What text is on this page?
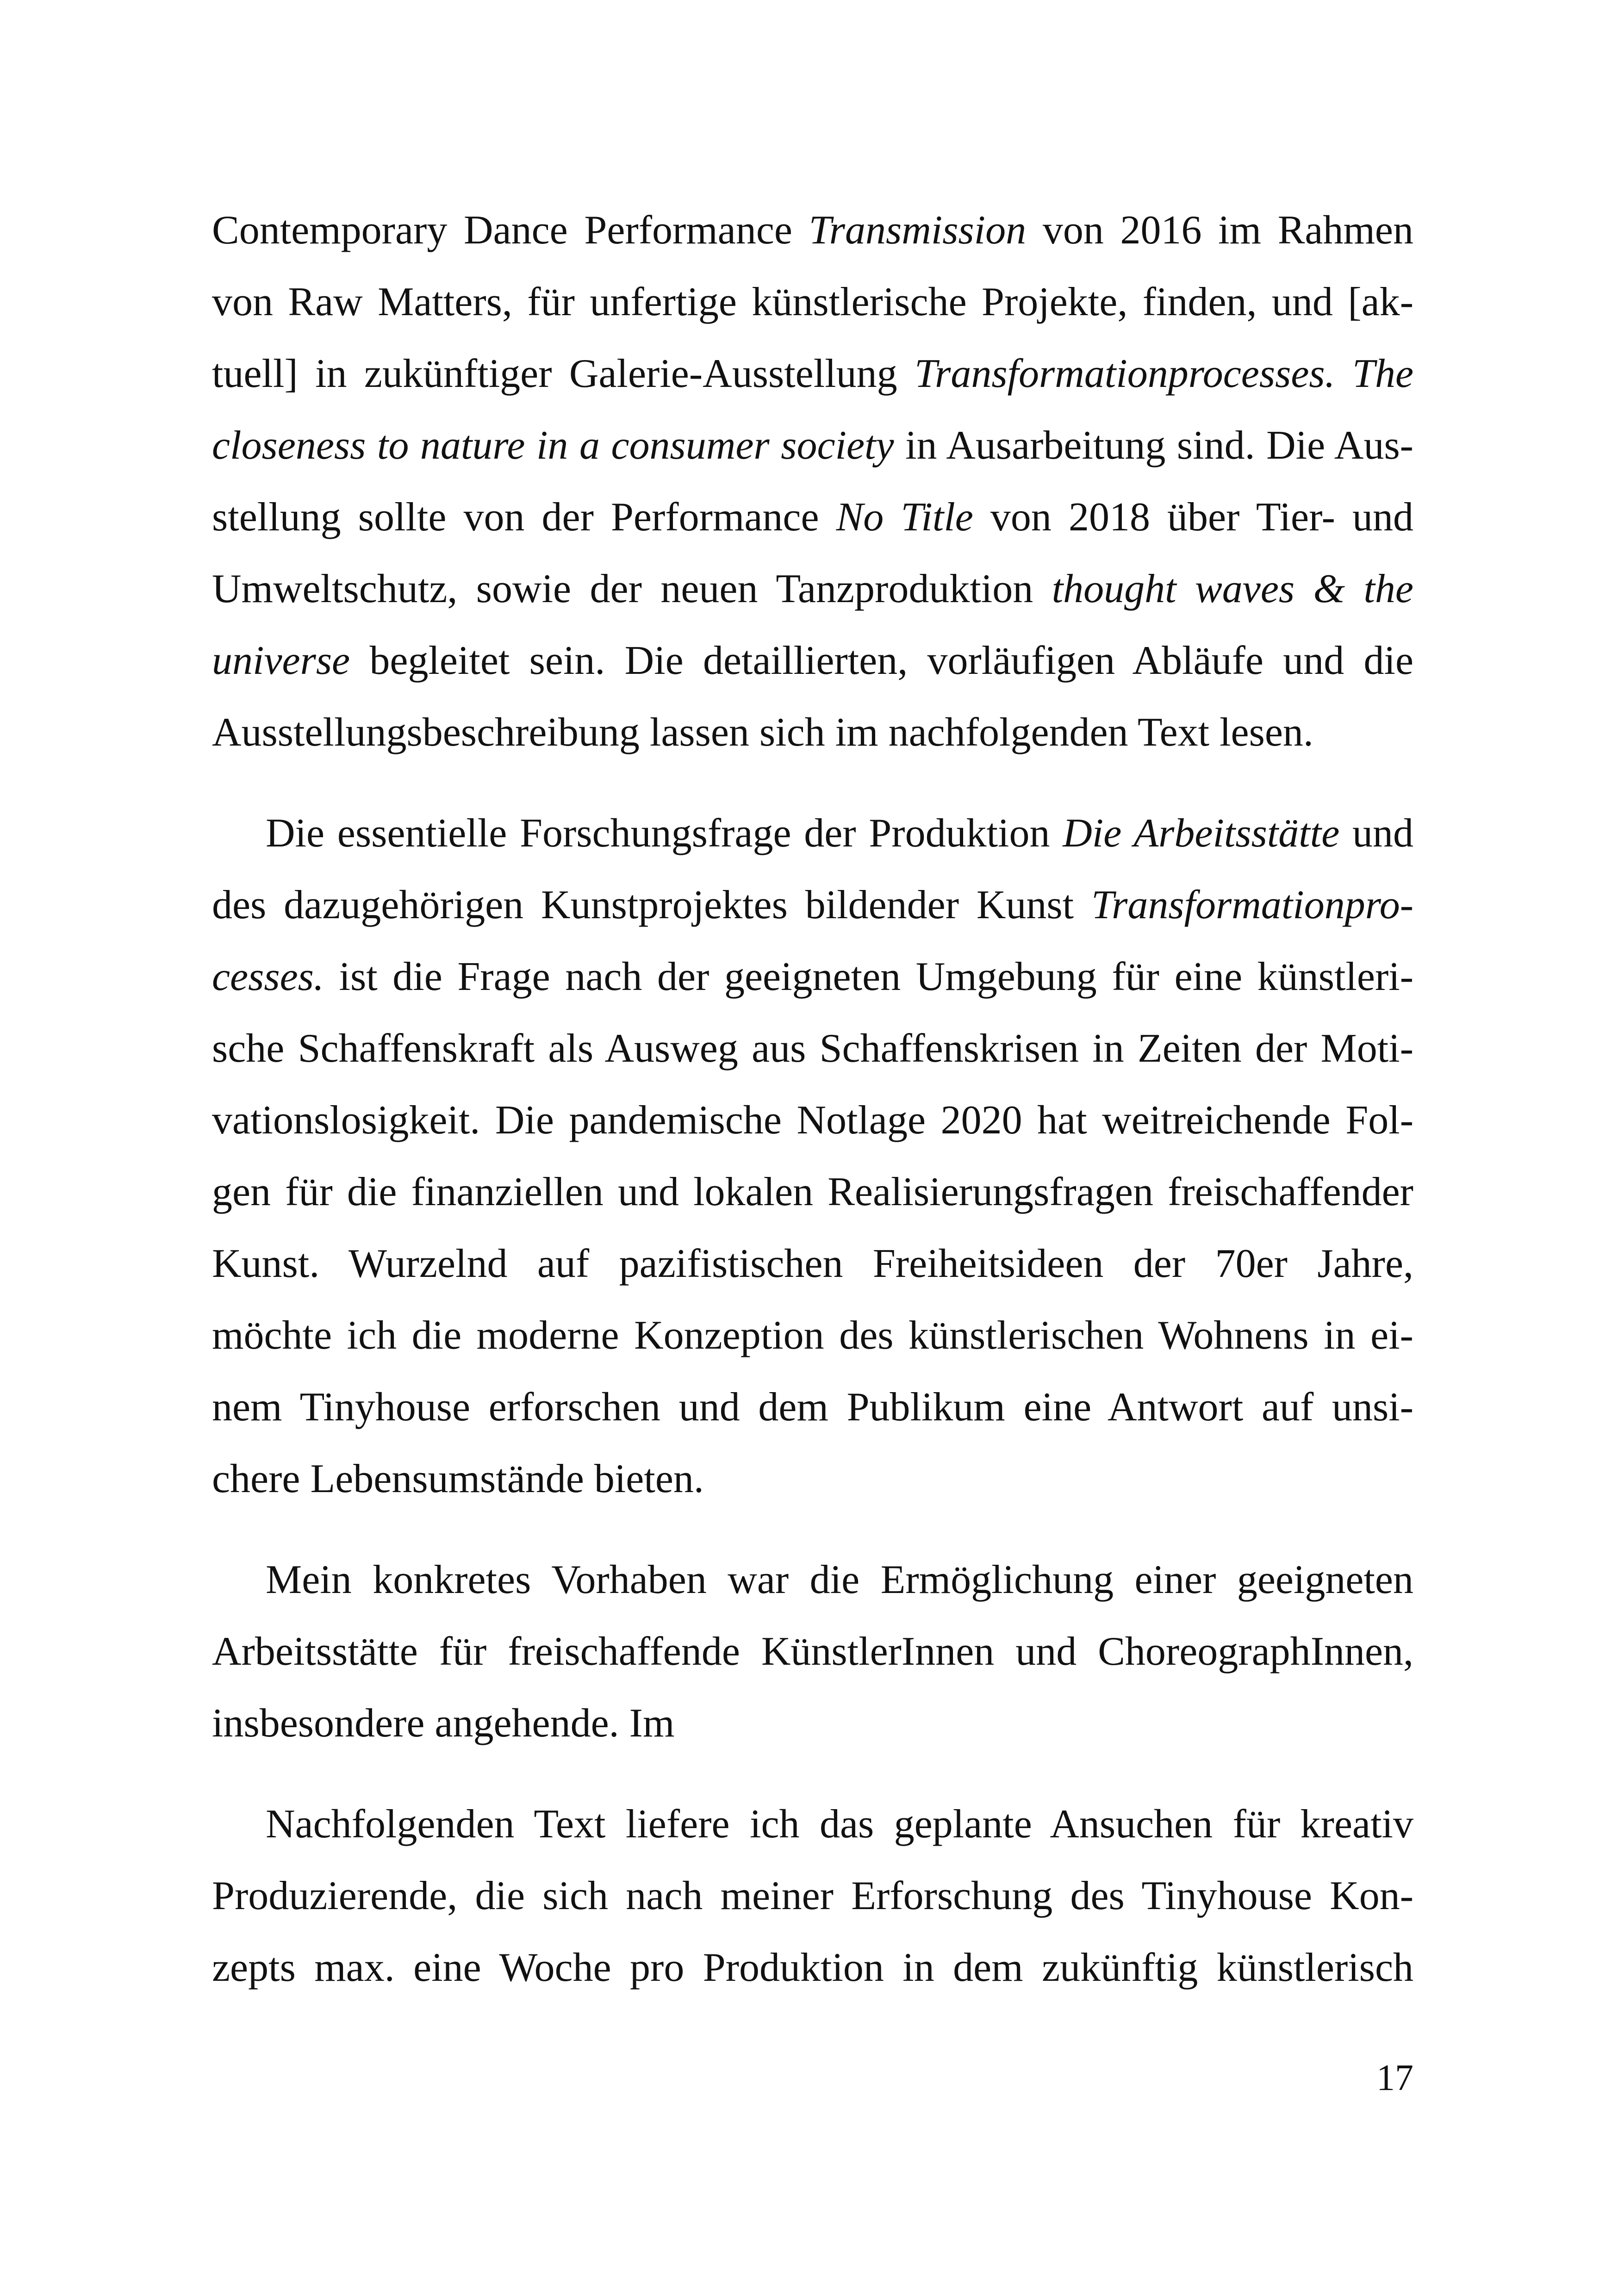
Contemporary Dance Performance Transmission von 2016 im Rahmen
von Raw Matters, für unfertige künstlerische Projekte, finden, und [ak-
tuell] in zukünftiger Galerie-Ausstellung Transformationprocesses. The
closeness to nature in a consumer society in Ausarbeitung sind. Die Aus-
stellung sollte von der Performance No Title von 2018 über Tier- und
Umweltschutz, sowie der neuen Tanzproduktion thought waves & the
universe begleitet sein. Die detaillierten, vorläufigen Abläufe und die
Ausstellungsbeschreibung lassen sich im nachfolgenden Text lesen.
Die essentielle Forschungsfrage der Produktion Die Arbeitsstätte und
des dazugehörigen Kunstprojektes bildender Kunst Transformationpro-
cesses. ist die Frage nach der geeigneten Umgebung für eine künstleri-
sche Schaffenskraft als Ausweg aus Schaffenskrisen in Zeiten der Moti-
vationslosigkeit. Die pandemische Notlage 2020 hat weitreichende Fol-
gen für die finanziellen und lokalen Realisierungsfragen freischaffender
Kunst. Wurzelnd auf pazifistischen Freiheitsideen der 70er Jahre,
möchte ich die moderne Konzeption des künstlerischen Wohnens in ei-
nem Tinyhouse erforschen und dem Publikum eine Antwort auf unsi-
chere Lebensumstände bieten.
Mein konkretes Vorhaben war die Ermöglichung einer geeigneten
Arbeitsstätte für freischaffende KünstlerInnen und ChoreographInnen,
insbesondere angehende. Im
Nachfolgenden Text liefere ich das geplante Ansuchen für kreativ
Produzierende, die sich nach meiner Erforschung des Tinyhouse Kon-
zepts max. eine Woche pro Produktion in dem zukünftig künstlerisch
17
